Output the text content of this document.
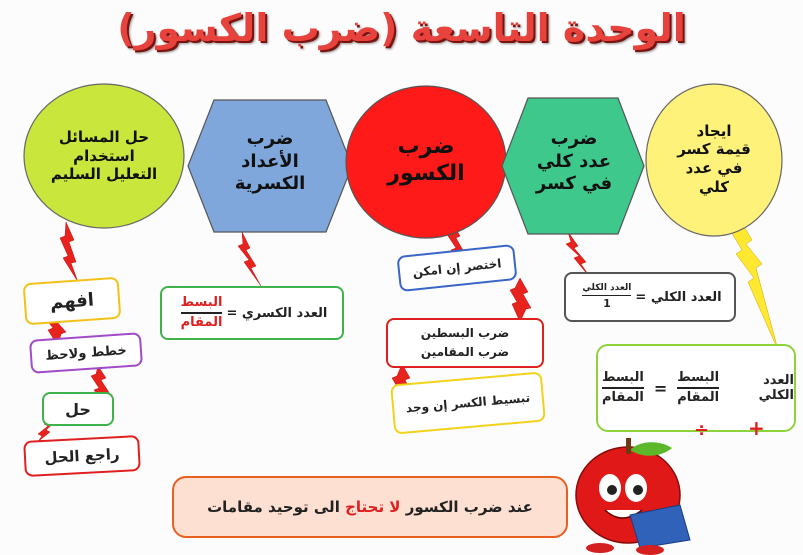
الوحدة التاسعة (ضرب الكسور)
حل المسائل
استخدام
التعليل السليم
ضرب
الأعداد
الكسرية
ضرب
الكسور
ضرب
عدد كلي
في كسر
ايجاد
قيمة كسر
في عدد
كلي
افهم
خطط ولاحظ
حل
راجع الحل
العدد الكسري =
$\frac{\text{البسط}}{\text{المقام}}$
اختصر إن امكن
ضرب البسطين
ضرب المقامين
تبسيط الكسر إن وجد
العدد الكلي =
$\frac{\text{العدد الكلي}}{1}$
العدد الكلي
$\frac{\text{البسط}}{\text{المقام}}$
=
$\frac{\text{البسط}}{\text{المقام}}$
÷ +
عند ضرب الكسور

لا تحتاج

الى توحيد مقامات
